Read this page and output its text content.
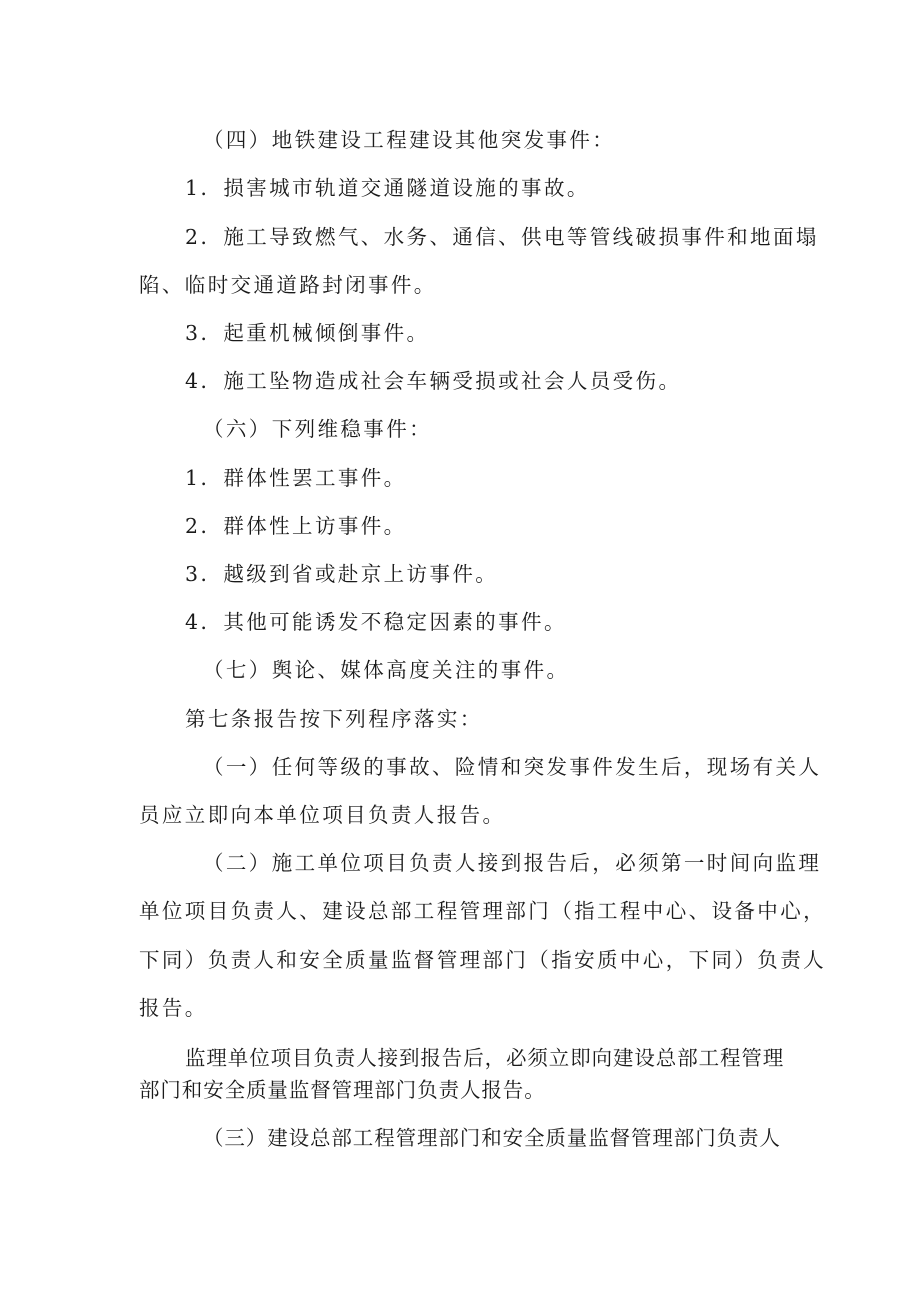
（四）地铁建设工程建设其他突发事件：
1．损害城市轨道交通隧道设施的事故。
2．施工导致燃气、水务、通信、供电等管线破损事件和地面塌
陷、临时交通道路封闭事件。
3．起重机械倾倒事件。
4．施工坠物造成社会车辆受损或社会人员受伤。
（六）下列维稳事件：
1．群体性罢工事件。
2．群体性上访事件。
3．越级到省或赴京上访事件。
4．其他可能诱发不稳定因素的事件。
（七）舆论、媒体高度关注的事件。
第七条报告按下列程序落实：
（一）任何等级的事故、险情和突发事件发生后，现场有关人
员应立即向本单位项目负责人报告。
（二）施工单位项目负责人接到报告后，必须第一时间向监理
单位项目负责人、建设总部工程管理部门（指工程中心、设备中心，
下同）负责人和安全质量监督管理部门（指安质中心，下同）负责人
报告。
监理单位项目负责人接到报告后，必须立即向建设总部工程管理
部门和安全质量监督管理部门负责人报告。
（三）建设总部工程管理部门和安全质量监督管理部门负责人
